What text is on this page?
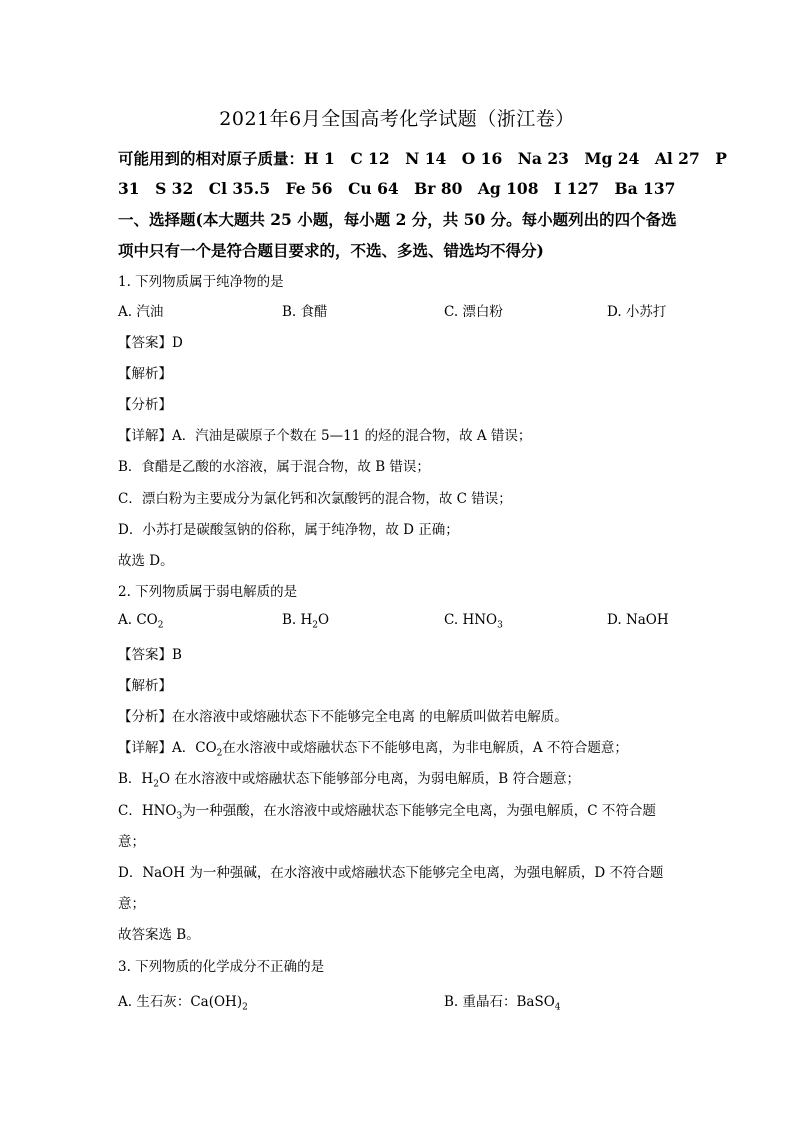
2021年6月全国高考化学试题（浙江卷）
可能用到的相对原子质量：H 1　C 12　N 14　O 16　Na 23　Mg 24　Al 27　P
31　S 32　Cl 35.5　Fe 56　Cu 64　Br 80　Ag 108　I 127　Ba 137
一、选择题(本大题共 25 小题，每小题 2 分，共 50 分。每小题列出的四个备选
项中只有一个是符合题目要求的，不选、多选、错选均不得分)
1. 下列物质属于纯净物的是
A. 汽油	B. 食醋	C. 漂白粉	D. 小苏打
【答案】D
【解析】
【分析】
【详解】A．汽油是碳原子个数在 5—11 的烃的混合物，故 A 错误；
B．食醋是乙酸的水溶液，属于混合物，故 B 错误；
C．漂白粉为主要成分为氯化钙和次氯酸钙的混合物，故 C 错误；
D．小苏打是碳酸氢钠的俗称，属于纯净物，故 D 正确；
故选 D。
2. 下列物质属于弱电解质的是
A. $CO_2$	B. $H_2O$	C. $HNO_3$	D. NaOH
【答案】B
【解析】
【分析】在水溶液中或熔融状态下不能够完全电离 的电解质叫做若电解质。
【详解】A．$CO_2$在水溶液中或熔融状态下不能够电离，为非电解质，A 不符合题意；
B．$H_2O$ 在水溶液中或熔融状态下能够部分电离，为弱电解质，B 符合题意；
C．$HNO_3$为一种强酸，在水溶液中或熔融状态下能够完全电离，为强电解质，C 不符合题
意；
D．NaOH 为一种强碱，在水溶液中或熔融状态下能够完全电离，为强电解质，D 不符合题
意；
故答案选 B。
3. 下列物质的化学成分不正确的是
A. 生石灰：$Ca(OH)_2$	B. 重晶石：BaSO$_4$
